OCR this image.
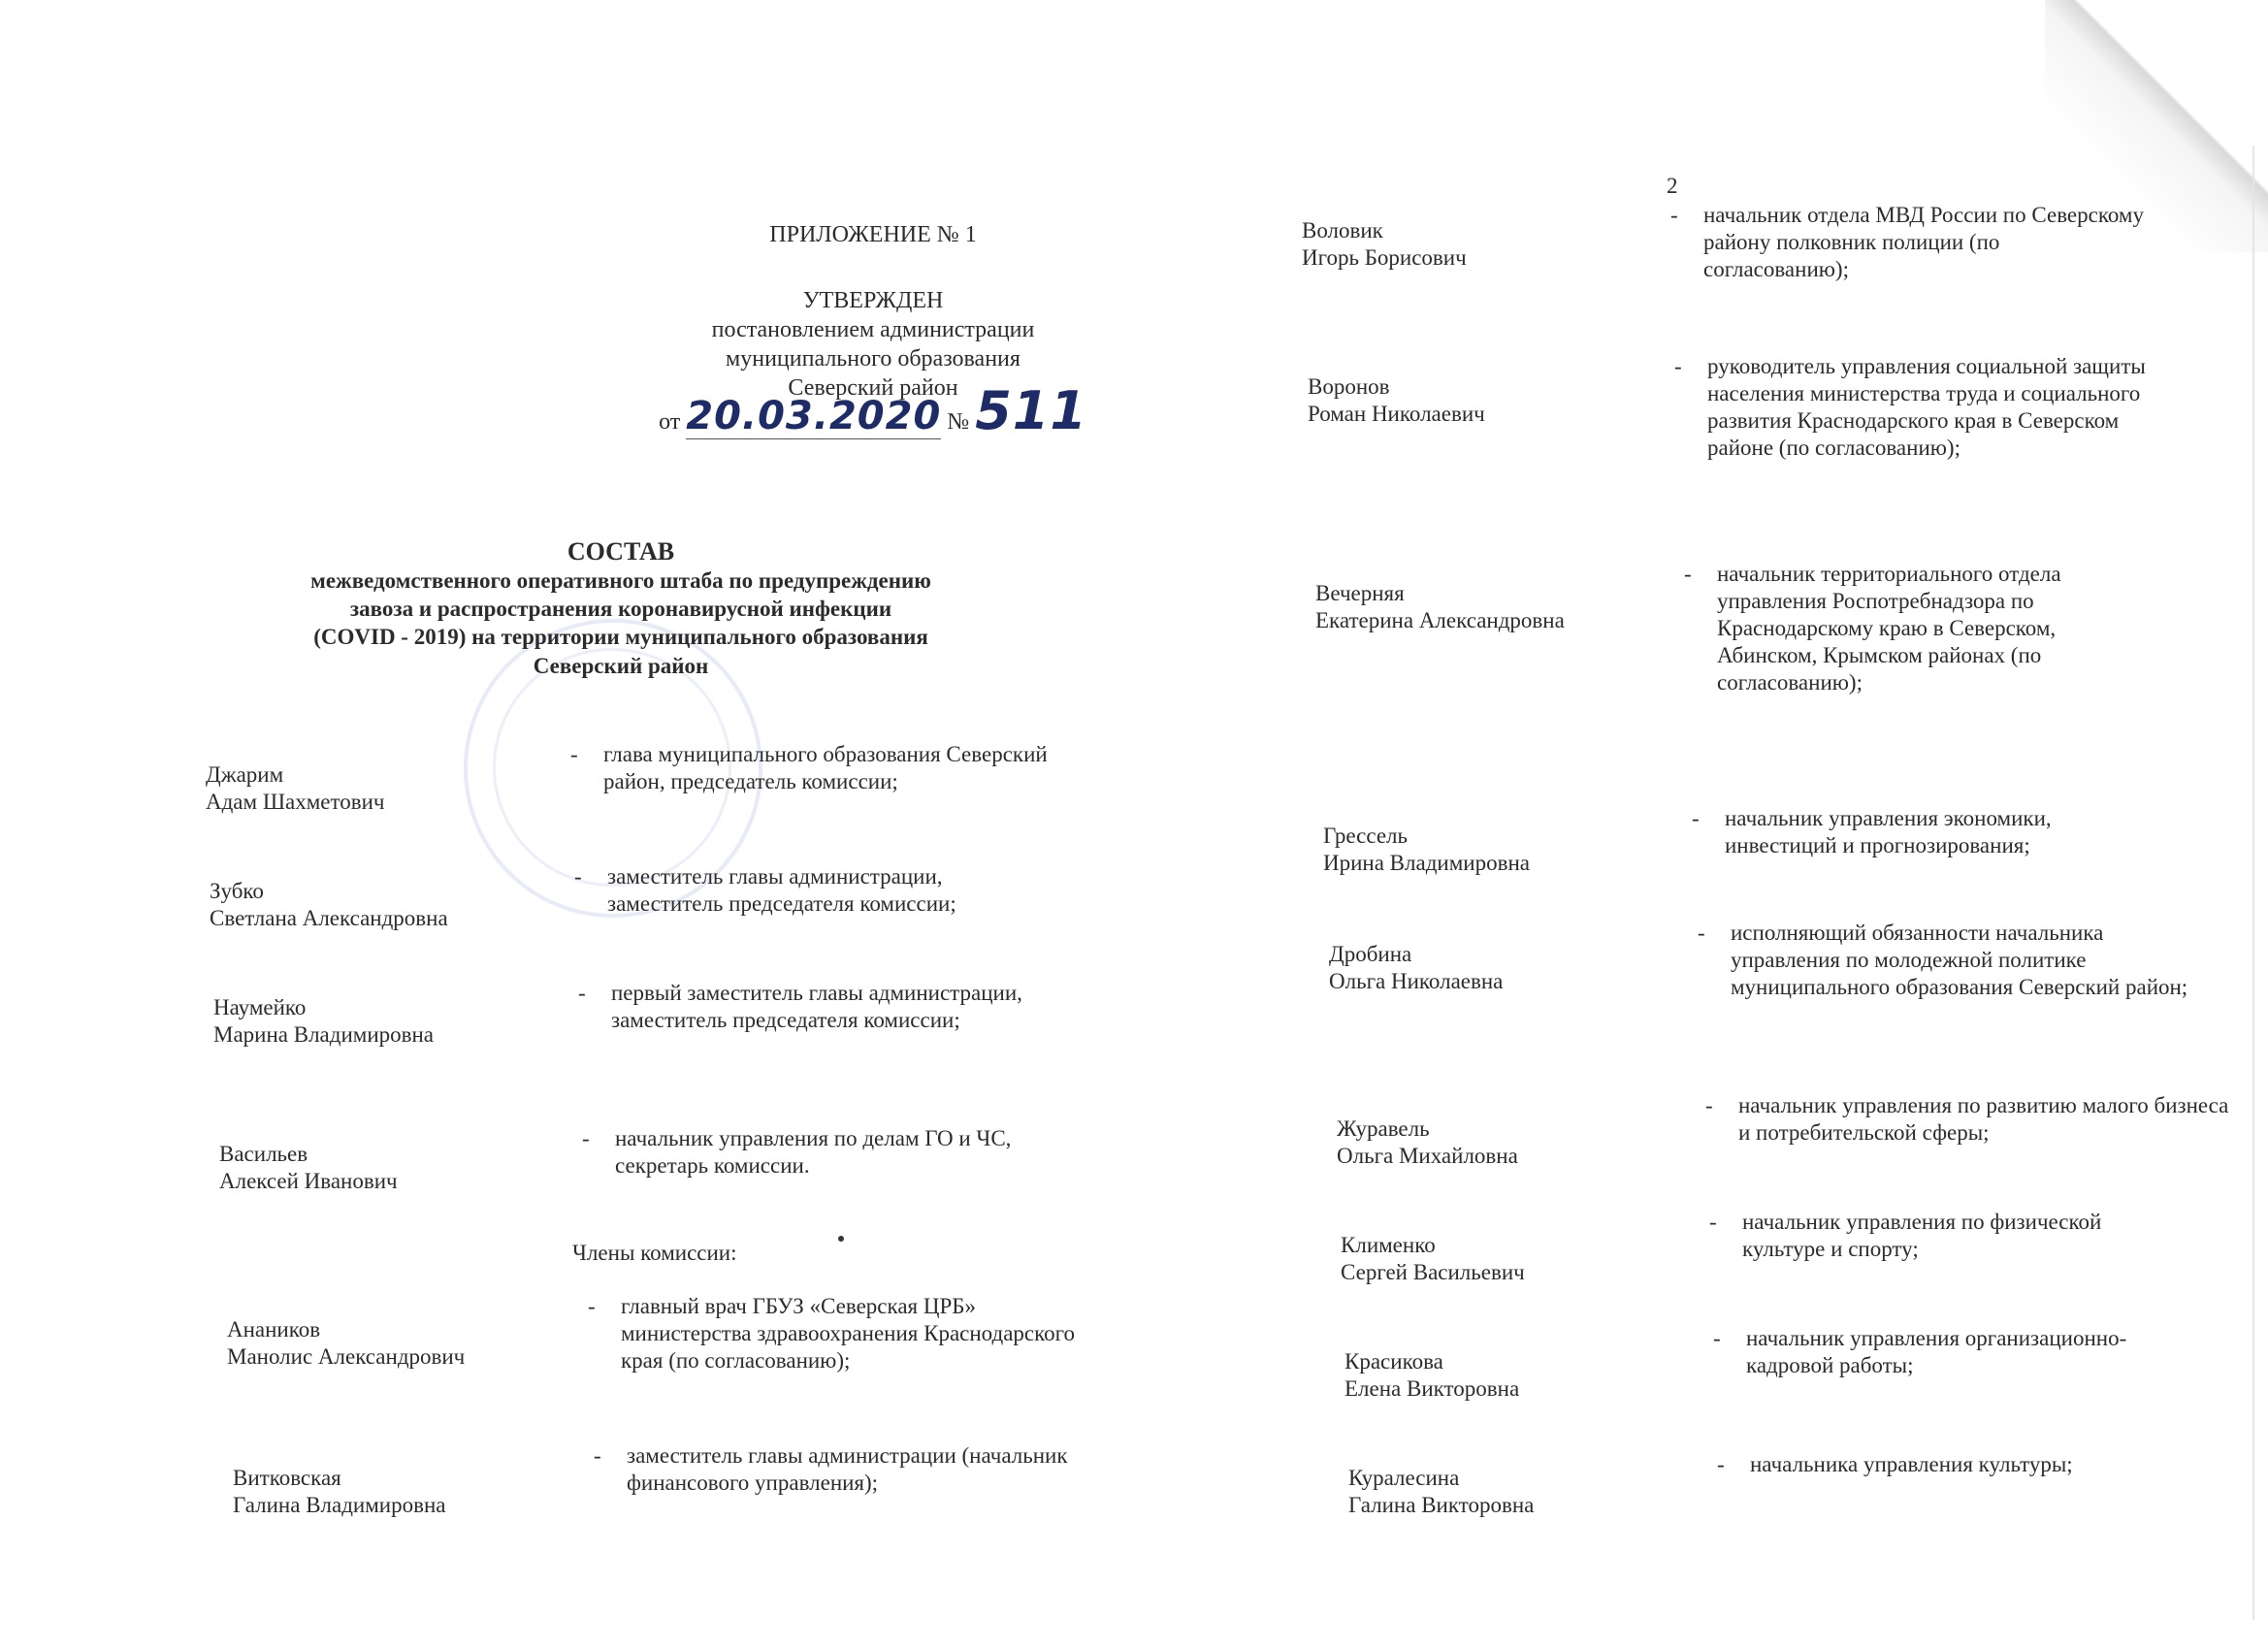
ПРИЛОЖЕНИЕ № 1
УТВЕРЖДЕН
постановлением администрации
муниципального образования
Северский район
от 20.03.2020 № 511
СОСТАВ
межведомственного оперативного штаба по предупреждению
завоза и распространения коронавирусной инфекции
(COVID - 2019) на территории муниципального образования
Северский район
Джарим
Адам Шахметович
- глава муниципального образования Северский район, председатель комиссии;
Зубко
Светлана Александровна
- заместитель главы администрации, заместитель председателя комиссии;
Наумейко
Марина Владимировна
- первый заместитель главы администрации, заместитель председателя комиссии;
Васильев
Алексей Иванович
- начальник управления по делам ГО и ЧС, секретарь комиссии.
Члены комиссии:
Анаников
Манолис Александрович
- главный врач ГБУЗ «Северская ЦРБ» министерства здравоохранения Краснодарского края (по согласованию);
Витковская
Галина Владимировна
- заместитель главы администрации (начальник финансового управления);
2
Воловик
Игорь Борисович
- начальник отдела МВД России по Северскому району полковник полиции (по согласованию);
Воронов
Роман Николаевич
- руководитель управления социальной защиты населения министерства труда и социального развития Краснодарского края в Северском районе (по согласованию);
Вечерняя
Екатерина Александровна
- начальник территориального отдела управления Роспотребнадзора по Краснодарскому краю в Северском, Абинском, Крымском районах (по согласованию);
Грессель
Ирина Владимировна
- начальник управления экономики, инвестиций и прогнозирования;
Дробина
Ольга Николаевна
- исполняющий обязанности начальника управления по молодежной политике муниципального образования Северский район;
Журавель
Ольга Михайловна
- начальник управления по развитию малого бизнеса и потребительской сферы;
Клименко
Сергей Васильевич
- начальник управления по физической культуре и спорту;
Красикова
Елена Викторовна
- начальник управления организационно-кадровой работы;
Куралесина
Галина Викторовна
- начальника управления культуры;
